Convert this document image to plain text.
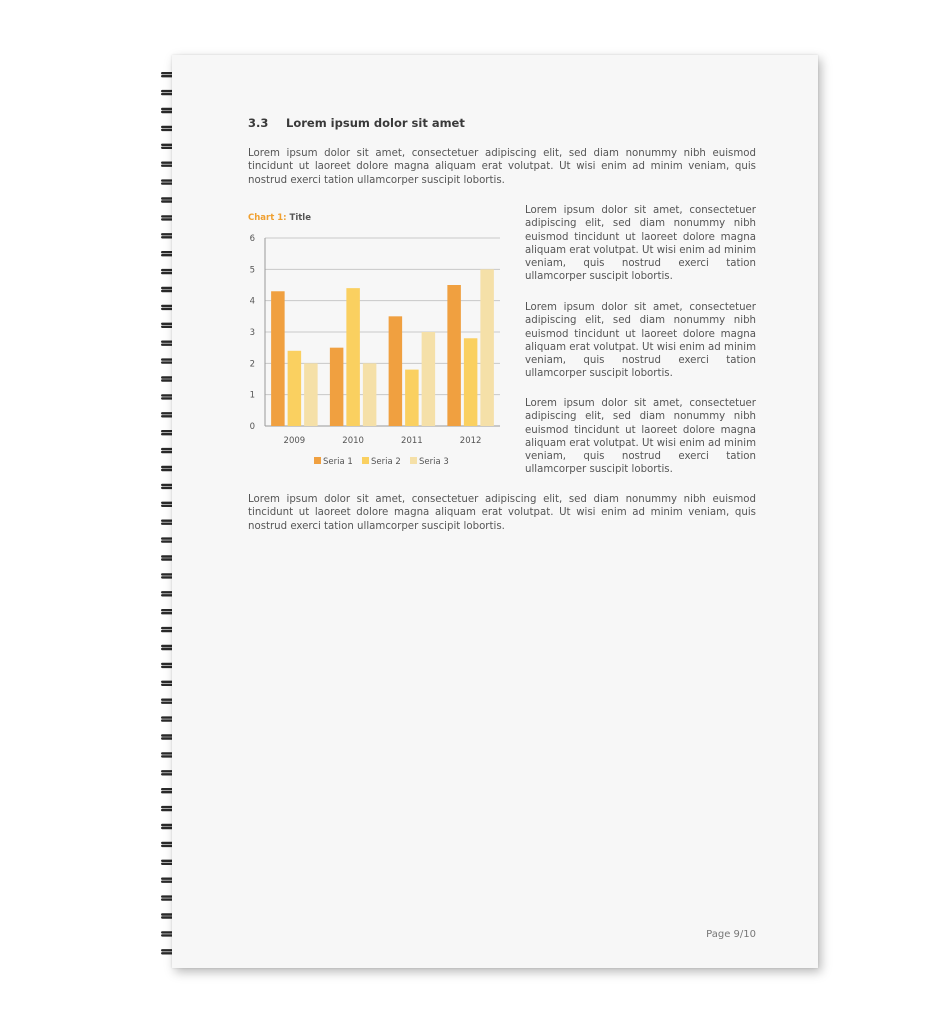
3.3 Lorem ipsum dolor sit amet

Lorem ipsum dolor sit amet, consectetuer adipiscing elit, sed diam nonummy nibh euismod tincidunt ut laoreet dolore magna aliquam erat volutpat. Ut wisi enim ad minim veniam, quis nostrud exerci tation ullamcorper suscipit lobortis.

Chart 1: Title
0
1
2
3
4
5
6
2009	2010	2011	2012
Seria 1 Seria 2 Seria 3

Lorem ipsum dolor sit amet, consectetuer adipiscing elit, sed diam nonummy nibh euismod tincidunt ut laoreet dolore magna aliquam erat volutpat. Ut wisi enim ad minim veniam, quis nostrud exerci tation ullamcorper suscipit lobortis.

Lorem ipsum dolor sit amet, consectetuer adipiscing elit, sed diam nonummy nibh euismod tincidunt ut laoreet dolore magna aliquam erat volutpat. Ut wisi enim ad minim veniam, quis nostrud exerci tation ullamcorper suscipit lobortis.

Lorem ipsum dolor sit amet, consectetuer adipiscing elit, sed diam nonummy nibh euismod tincidunt ut laoreet dolore magna aliquam erat volutpat. Ut wisi enim ad minim veniam, quis nostrud exerci tation ullamcorper suscipit lobortis.

Lorem ipsum dolor sit amet, consectetuer adipiscing elit, sed diam nonummy nibh euismod tincidunt ut laoreet dolore magna aliquam erat volutpat. Ut wisi enim ad minim veniam, quis nostrud exerci tation ullamcorper suscipit lobortis.

Page 9/10
